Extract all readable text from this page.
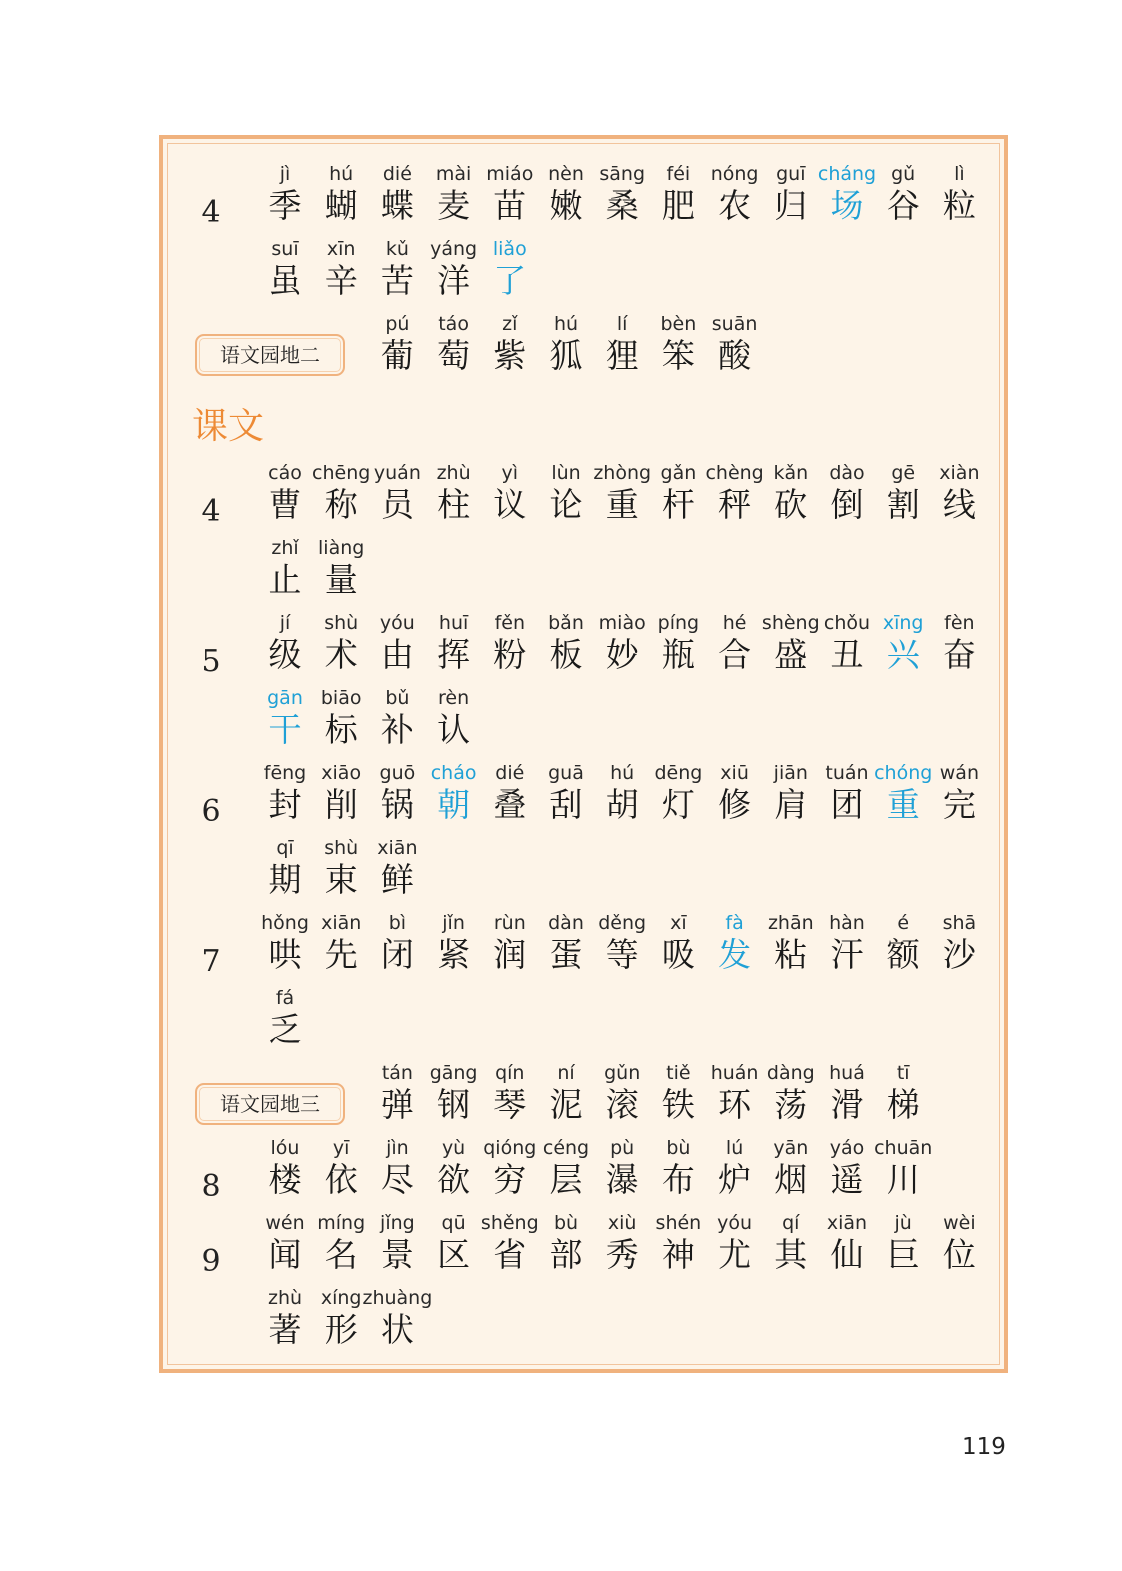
课文
4
jì
季
hú
蝴
dié
蝶
mài
麦
miáo
苗
nèn
嫩
sāng
桑
féi
肥
nóng
农
guī
归
cháng
场
gǔ
谷
lì
粒
suī
虽
xīn
辛
kǔ
苦
yáng
洋
liǎo
了
语文园地二
pú
葡
táo
萄
zǐ
紫
hú
狐
lí
狸
bèn
笨
suān
酸
4
cáo
曹
chēng
称
yuán
员
zhù
柱
yì
议
lùn
论
zhòng
重
gǎn
杆
chèng
秤
kǎn
砍
dào
倒
gē
割
xiàn
线
zhǐ
止
liàng
量
5
jí
级
shù
术
yóu
由
huī
挥
fěn
粉
bǎn
板
miào
妙
píng
瓶
hé
合
shèng
盛
chǒu
丑
xīng
兴
fèn
奋
gān
干
biāo
标
bǔ
补
rèn
认
6
fēng
封
xiāo
削
guō
锅
cháo
朝
dié
叠
guā
刮
hú
胡
dēng
灯
xiū
修
jiān
肩
tuán
团
chóng
重
wán
完
qī
期
shù
束
xiān
鲜
7
hǒng
哄
xiān
先
bì
闭
jǐn
紧
rùn
润
dàn
蛋
děng
等
xī
吸
fà
发
zhān
粘
hàn
汗
é
额
shā
沙
fá
乏
语文园地三
tán
弹
gāng
钢
qín
琴
ní
泥
gǔn
滚
tiě
铁
huán
环
dàng
荡
huá
滑
tī
梯
8
lóu
楼
yī
依
jìn
尽
yù
欲
qióng
穷
céng
层
pù
瀑
bù
布
lú
炉
yān
烟
yáo
遥
chuān
川
9
wén
闻
míng
名
jǐng
景
qū
区
shěng
省
bù
部
xiù
秀
shén
神
yóu
尤
qí
其
xiān
仙
jù
巨
wèi
位
zhù
著
xíng
形
zhuàng
状
119
